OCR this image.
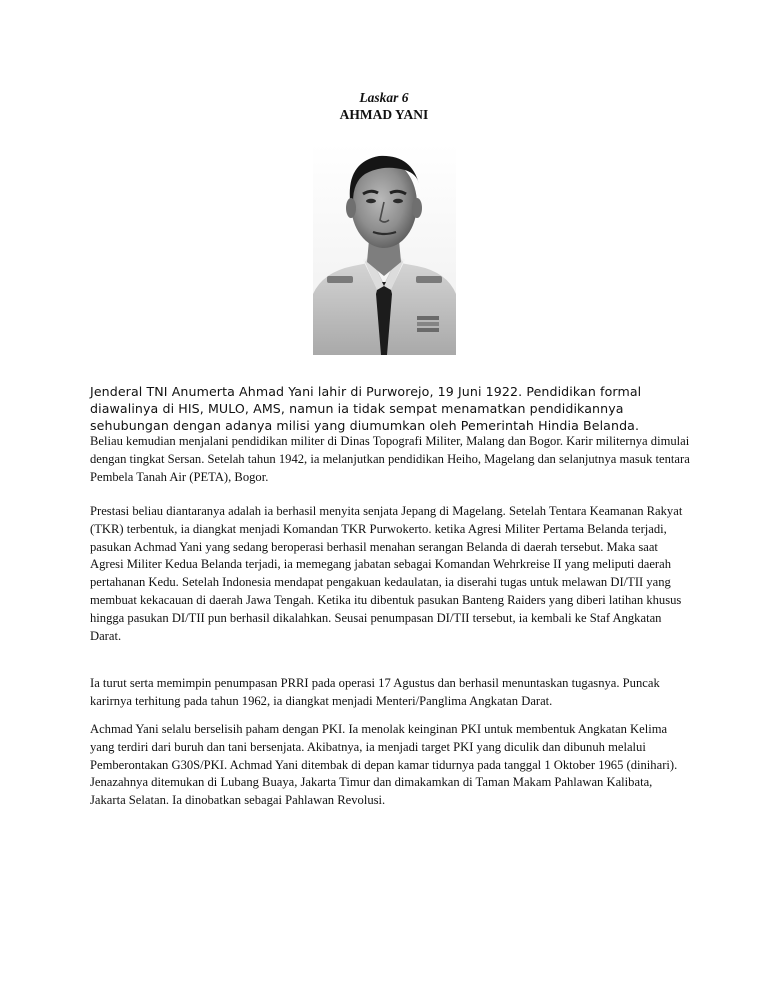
Laskar 6
AHMAD YANI

Jenderal TNI Anumerta Ahmad Yani lahir di Purworejo, 19 Juni 1922. Pendidikan formal diawalinya di HIS, MULO, AMS, namun ia tidak sempat menamatkan pendidikannya sehubungan dengan adanya milisi yang diumumkan oleh Pemerintah Hindia Belanda.

Beliau kemudian menjalani pendidikan militer di Dinas Topografi Militer, Malang dan Bogor. Karir militernya dimulai dengan tingkat Sersan. Setelah tahun 1942, ia melanjutkan pendidikan Heiho, Magelang dan selanjutnya masuk tentara Pembela Tanah Air (PETA), Bogor.

Prestasi beliau diantaranya adalah ia berhasil menyita senjata Jepang di Magelang. Setelah Tentara Keamanan Rakyat (TKR) terbentuk, ia diangkat menjadi Komandan TKR Purwokerto. ketika Agresi Militer Pertama Belanda terjadi, pasukan Achmad Yani yang sedang beroperasi berhasil menahan serangan Belanda di daerah tersebut. Maka saat Agresi Militer Kedua Belanda terjadi, ia memegang jabatan sebagai Komandan Wehrkreise II yang meliputi daerah pertahanan Kedu. Setelah Indonesia mendapat pengakuan kedaulatan, ia diserahi tugas untuk melawan DI/TII yang membuat kekacauan di daerah Jawa Tengah. Ketika itu dibentuk pasukan Banteng Raiders yang diberi latihan khusus hingga pasukan DI/TII pun berhasil dikalahkan. Seusai penumpasan DI/TII tersebut, ia kembali ke Staf Angkatan Darat.

Ia turut serta memimpin penumpasan PRRI pada operasi 17 Agustus dan berhasil menuntaskan tugasnya. Puncak karirnya terhitung pada tahun 1962, ia diangkat menjadi Menteri/Panglima Angkatan Darat.

Achmad Yani selalu berselisih paham dengan PKI. Ia menolak keinginan PKI untuk membentuk Angkatan Kelima yang terdiri dari buruh dan tani bersenjata. Akibatnya, ia menjadi target PKI yang diculik dan dibunuh melalui Pemberontakan G30S/PKI. Achmad Yani ditembak di depan kamar tidurnya pada tanggal 1 Oktober 1965 (dinihari). Jenazahnya ditemukan di Lubang Buaya, Jakarta Timur dan dimakamkan di Taman Makam Pahlawan Kalibata, Jakarta Selatan. Ia dinobatkan sebagai Pahlawan Revolusi.
